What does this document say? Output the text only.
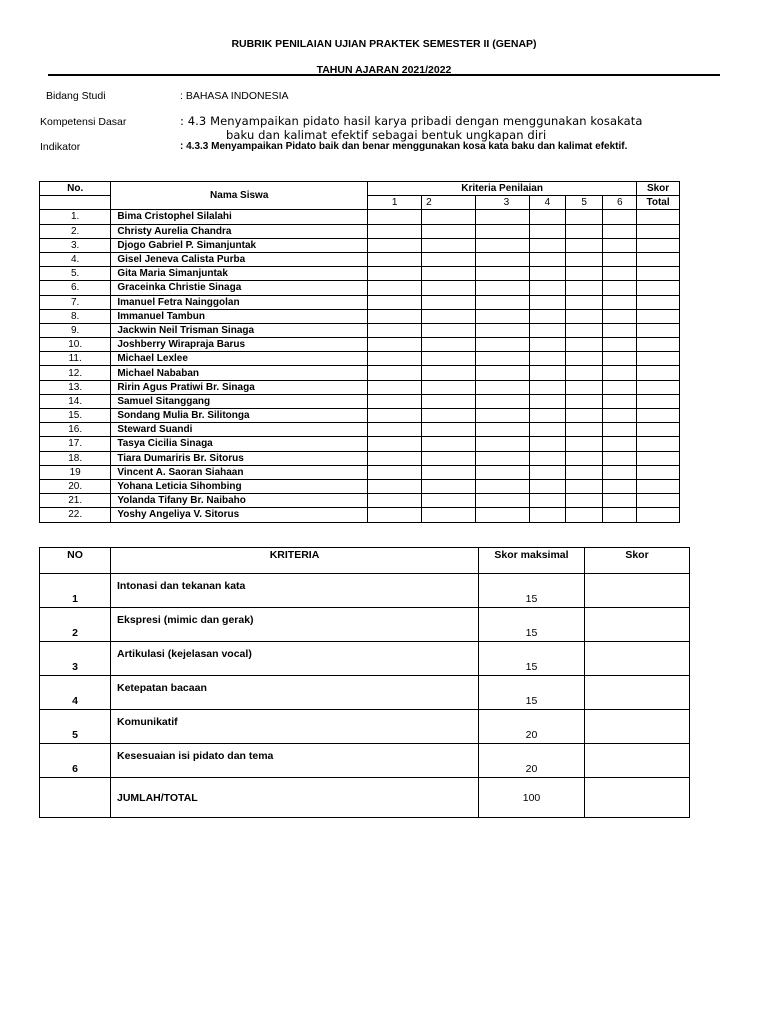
RUBRIK PENILAIAN UJIAN PRAKTEK SEMESTER II (GENAP)
TAHUN AJARAN 2021/2022
Bidang Studi	: BAHASA INDONESIA
Kompetensi Dasar	: 4.3 Menyampaikan pidato hasil karya pribadi dengan menggunakan kosakata
baku dan kalimat efektif sebagai bentuk ungkapan diri
Indikator	: 4.3.3 Menyampaikan Pidato baik dan benar menggunakan kosa kata baku dan kalimat efektif.
No.	Nama Siswa	Kriteria Penilaian						Skor
		1	2	3	4	5	6	Total
1.	Bima Cristophel Silalahi							
2.	Christy Aurelia Chandra							
3.	Djogo Gabriel P. Simanjuntak							
4.	Gisel Jeneva Calista Purba							
5.	Gita Maria Simanjuntak							
6.	Graceinka Christie Sinaga							
7.	Imanuel Fetra Nainggolan							
8.	Immanuel Tambun							
9.	Jackwin Neil Trisman Sinaga							
10.	Joshberry Wirapraja Barus							
11.	Michael Lexlee							
12.	Michael Nababan							
13.	Ririn Agus Pratiwi Br. Sinaga							
14.	Samuel Sitanggang							
15.	Sondang Mulia Br. Silitonga							
16.	Steward Suandi							
17.	Tasya Cicilia Sinaga							
18.	Tiara Dumariris Br. Sitorus							
19	Vincent A. Saoran Siahaan							
20.	Yohana Leticia Sihombing							
21.	Yolanda Tifany Br. Naibaho							
22.	Yoshy Angeliya V. Sitorus							
NO	KRITERIA	Skor maksimal	Skor
1	Intonasi dan tekanan kata	15	
2	Ekspresi (mimic dan gerak)	15	
3	Artikulasi (kejelasan vocal)	15	
4	Ketepatan bacaan	15	
5	Komunikatif	20	
6	Kesesuaian isi pidato dan tema	20	
	JUMLAH/TOTAL	100	
